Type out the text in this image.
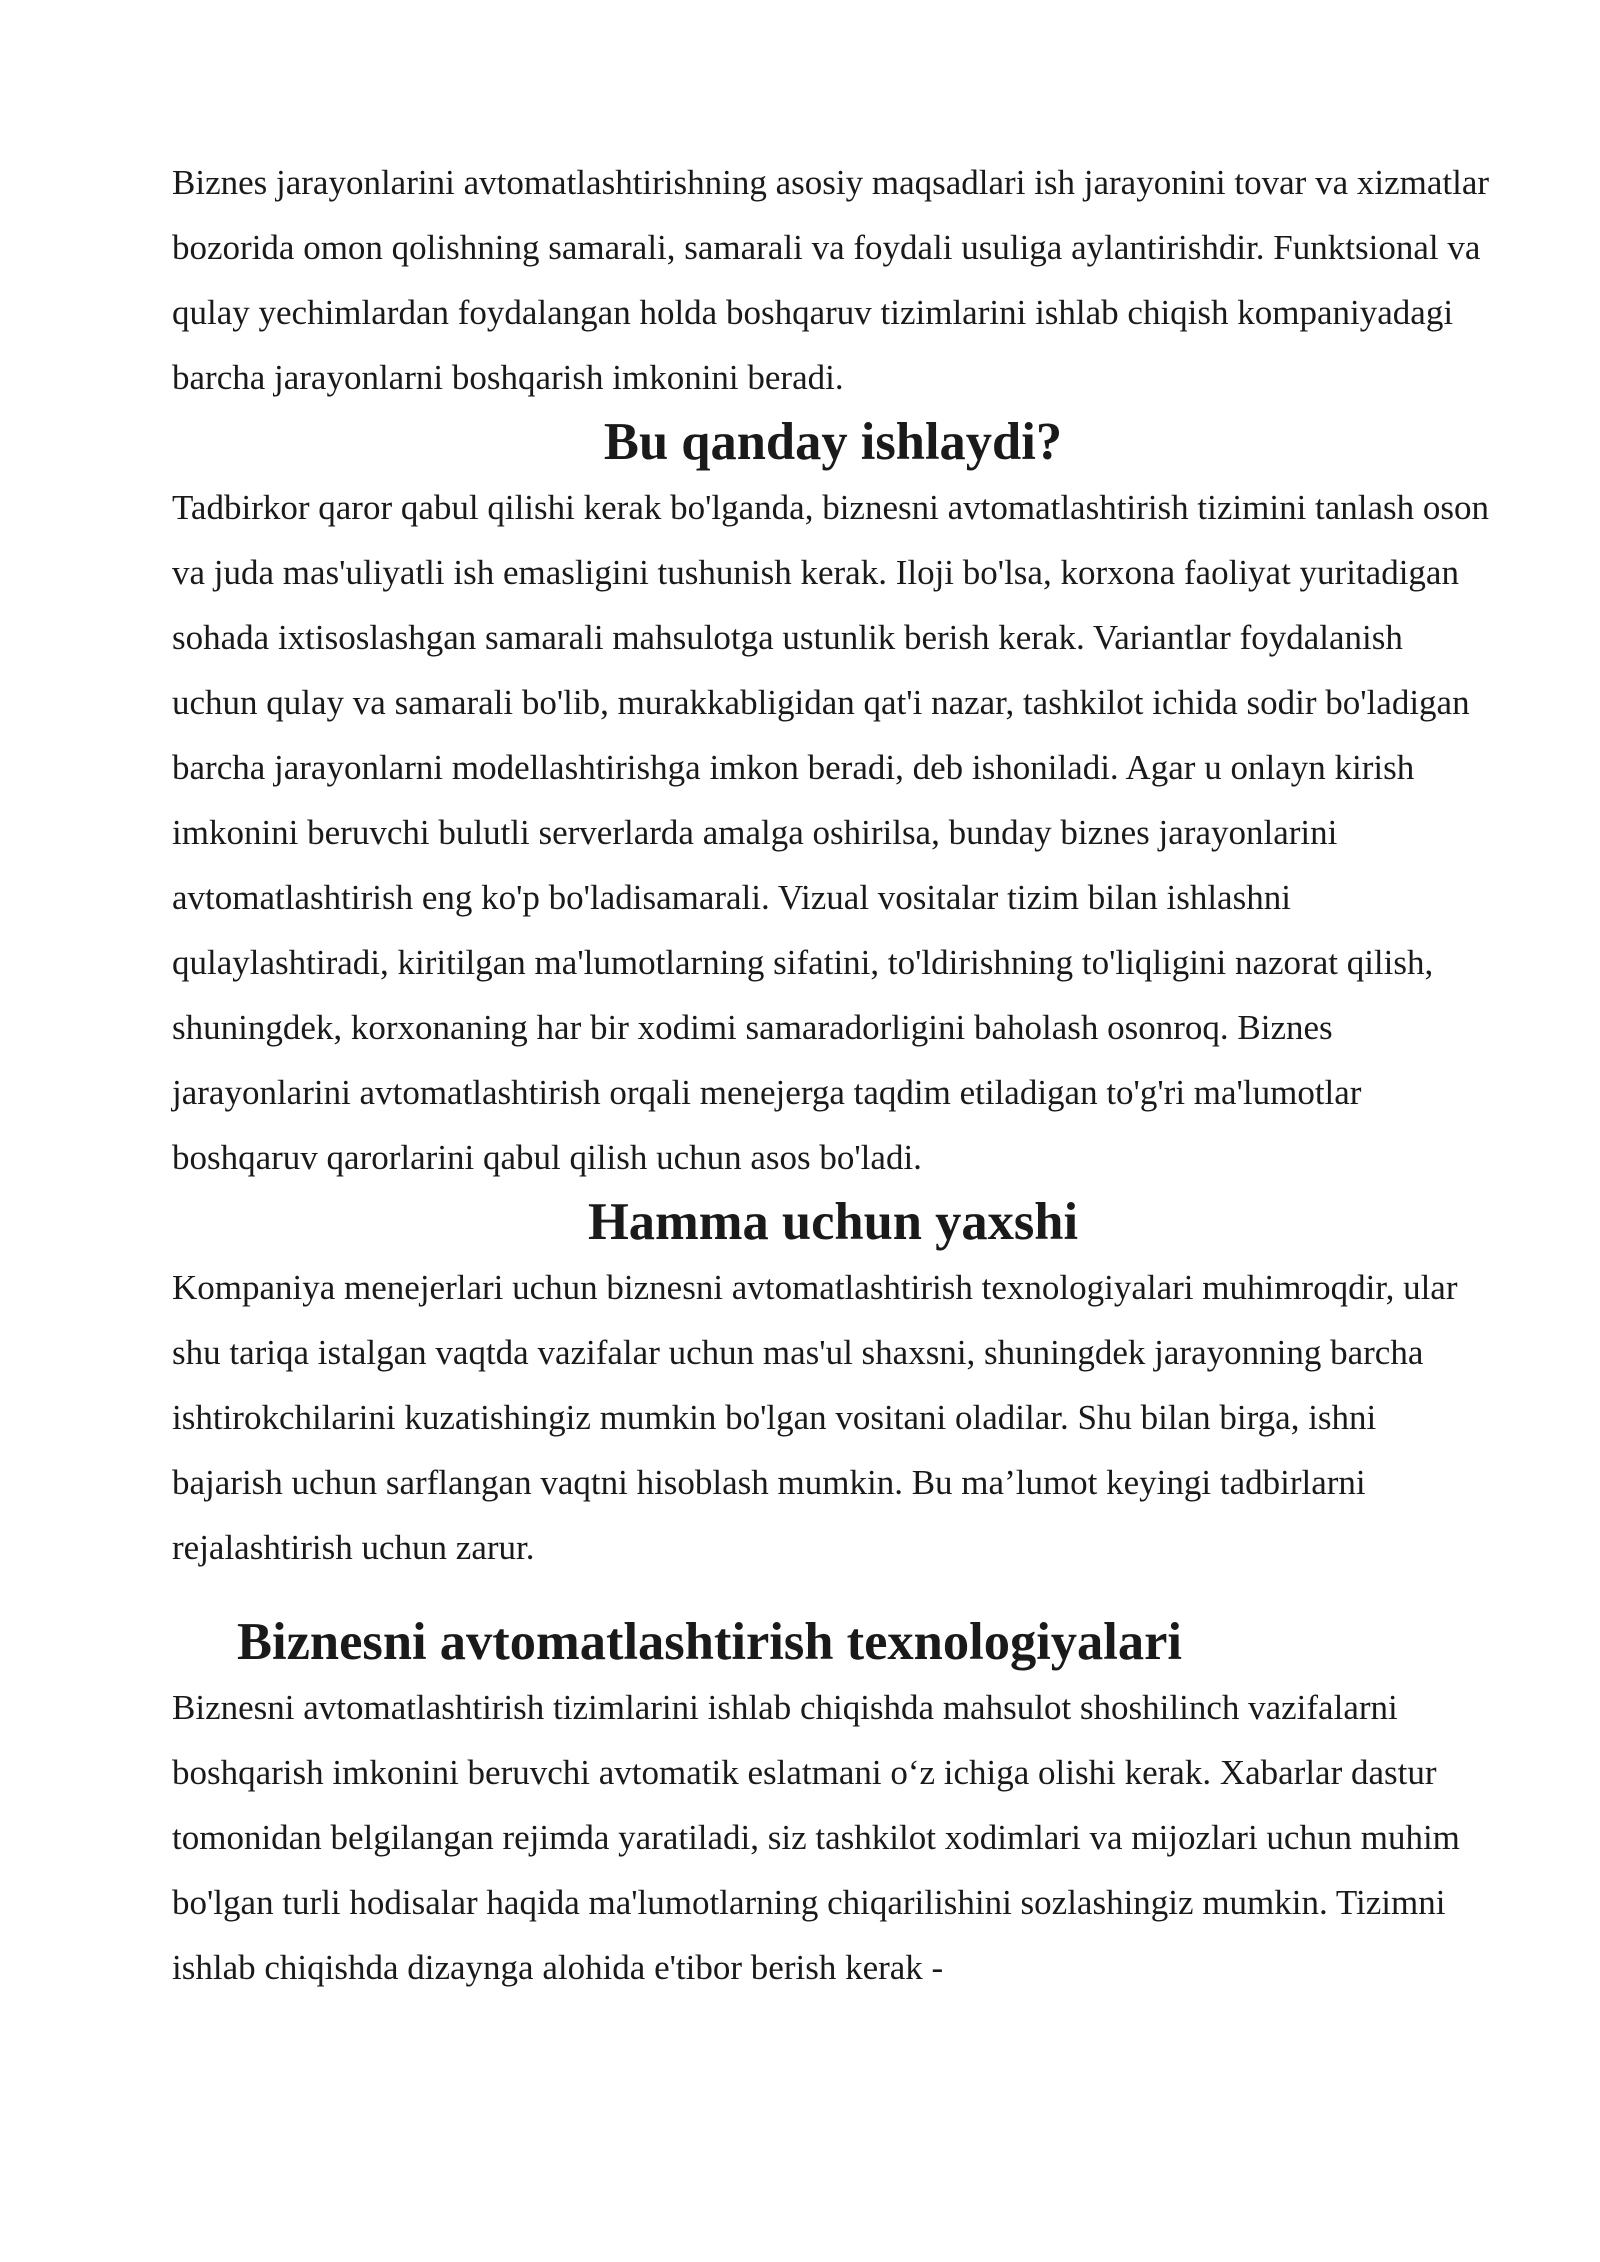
Biznes jarayonlarini avtomatlashtirishning asosiy maqsadlari ish jarayonini tovar va xizmatlar bozorida omon qolishning samarali, samarali va foydali usuliga aylantirishdir. Funktsional va qulay yechimlardan foydalangan holda boshqaruv tizimlarini ishlab chiqish kompaniyadagi barcha jarayonlarni boshqarish imkonini beradi.

Bu qanday ishlaydi?

Tadbirkor qaror qabul qilishi kerak bo'lganda, biznesni avtomatlashtirish tizimini tanlash oson va juda mas'uliyatli ish emasligini tushunish kerak. Iloji bo'lsa, korxona faoliyat yuritadigan sohada ixtisoslashgan samarali mahsulotga ustunlik berish kerak. Variantlar foydalanish uchun qulay va samarali bo'lib, murakkabligidan qat'i nazar, tashkilot ichida sodir bo'ladigan barcha jarayonlarni modellashtirishga imkon beradi, deb ishoniladi. Agar u onlayn kirish imkonini beruvchi bulutli serverlarda amalga oshirilsa, bunday biznes jarayonlarini avtomatlashtirish eng ko'p bo'ladisamarali. Vizual vositalar tizim bilan ishlashni qulaylashtiradi, kiritilgan ma'lumotlarning sifatini, to'ldirishning to'liqligini nazorat qilish, shuningdek, korxonaning har bir xodimi samaradorligini baholash osonroq. Biznes jarayonlarini avtomatlashtirish orqali menejerga taqdim etiladigan to'g'ri ma'lumotlar boshqaruv qarorlarini qabul qilish uchun asos bo'ladi.

Hamma uchun yaxshi

Kompaniya menejerlari uchun biznesni avtomatlashtirish texnologiyalari muhimroqdir, ular shu tariqa istalgan vaqtda vazifalar uchun mas'ul shaxsni, shuningdek jarayonning barcha ishtirokchilarini kuzatishingiz mumkin bo'lgan vositani oladilar. Shu bilan birga, ishni bajarish uchun sarflangan vaqtni hisoblash mumkin. Bu ma’lumot keyingi tadbirlarni rejalashtirish uchun zarur.

Biznesni avtomatlashtirish texnologiyalari

Biznesni avtomatlashtirish tizimlarini ishlab chiqishda mahsulot shoshilinch vazifalarni boshqarish imkonini beruvchi avtomatik eslatmani o‘z ichiga olishi kerak. Xabarlar dastur tomonidan belgilangan rejimda yaratiladi, siz tashkilot xodimlari va mijozlari uchun muhim bo'lgan turli hodisalar haqida ma'lumotlarning chiqarilishini sozlashingiz mumkin. Tizimni ishlab chiqishda dizaynga alohida e'tibor berish kerak -
